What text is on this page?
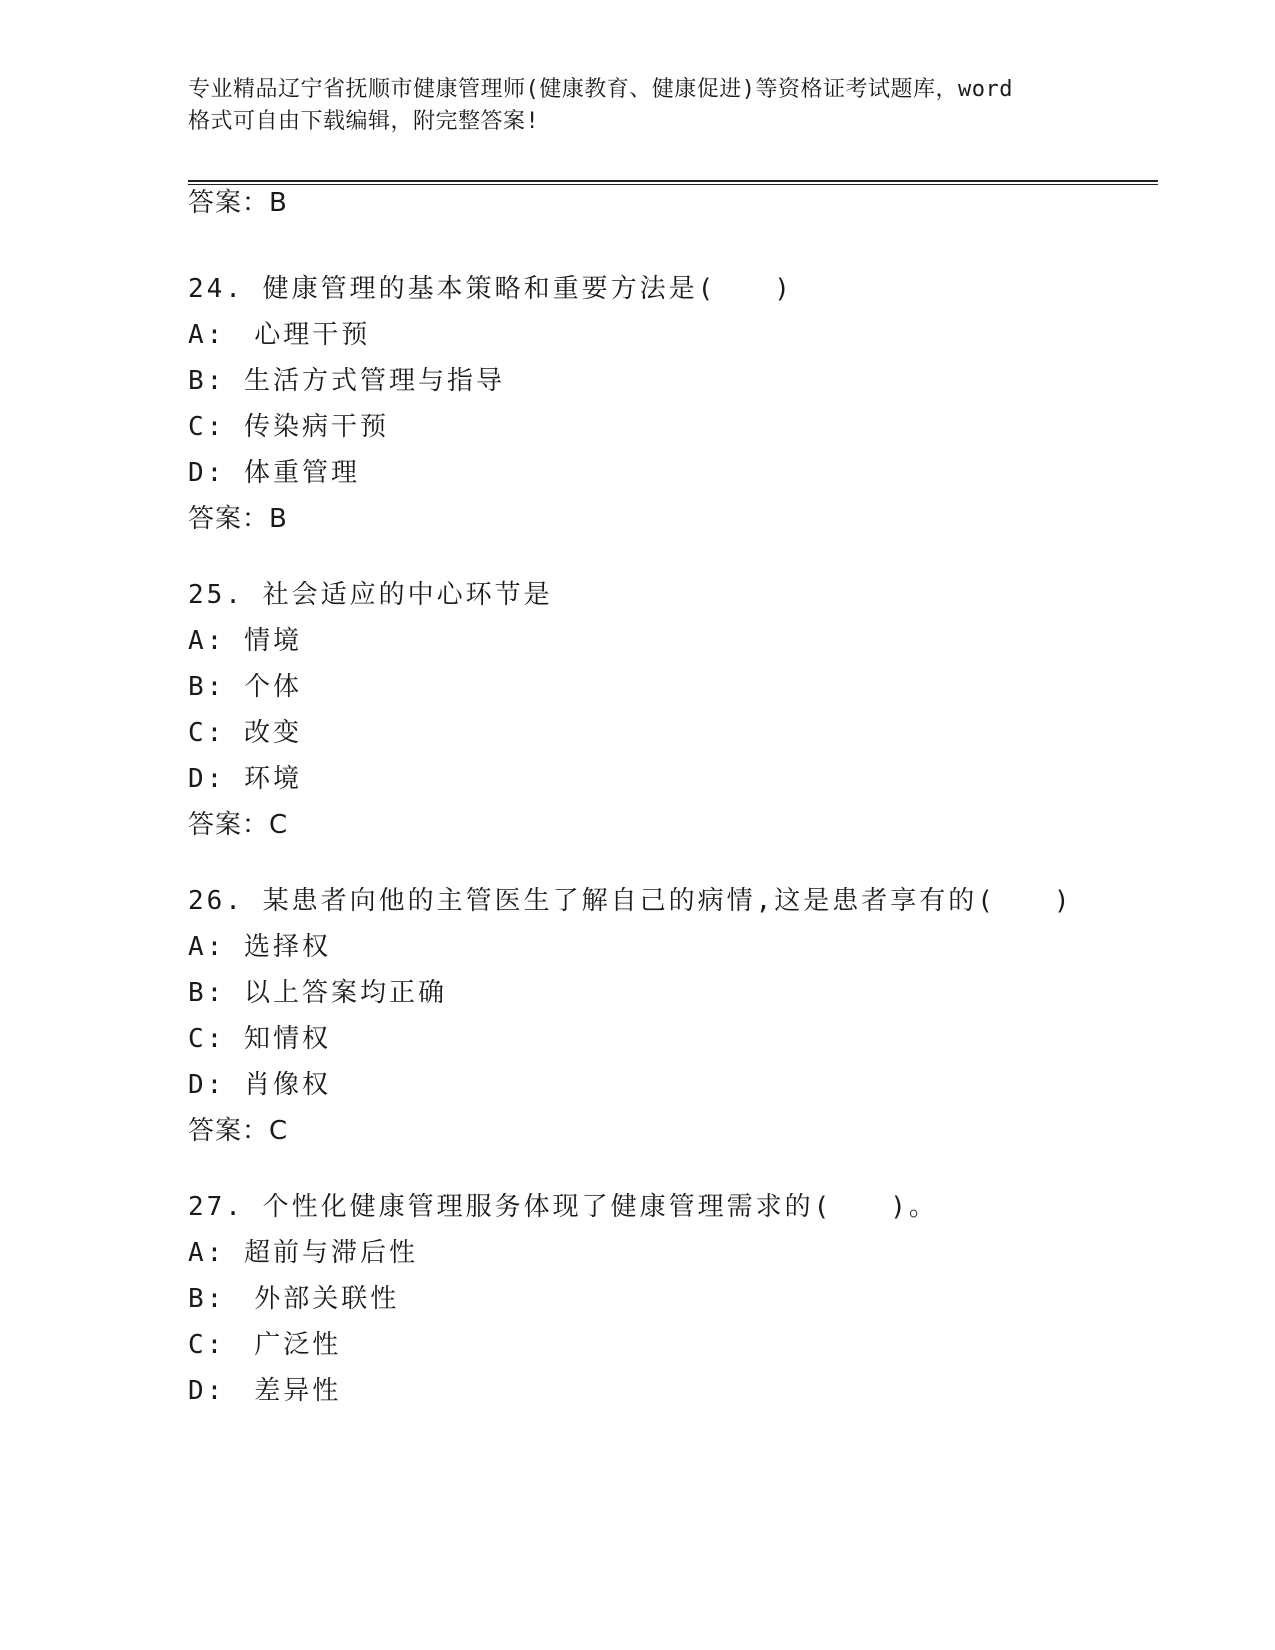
专业精品辽宁省抚顺市健康管理师(健康教育、健康促进)等资格证考试题库，word
格式可自由下载编辑，附完整答案!
答案：B
24. 健康管理的基本策略和重要方法是(　　)
A:　心理干预
B: 生活方式管理与指导
C: 传染病干预
D: 体重管理
答案：B
25. 社会适应的中心环节是
A: 情境
B: 个体
C: 改变
D: 环境
答案：C
26. 某患者向他的主管医生了解自己的病情,这是患者享有的(　　)
A: 选择权
B: 以上答案均正确
C: 知情权
D: 肖像权
答案：C
27. 个性化健康管理服务体现了健康管理需求的(　　)。
A: 超前与滞后性
B:　外部关联性
C:　广泛性
D:　差异性
